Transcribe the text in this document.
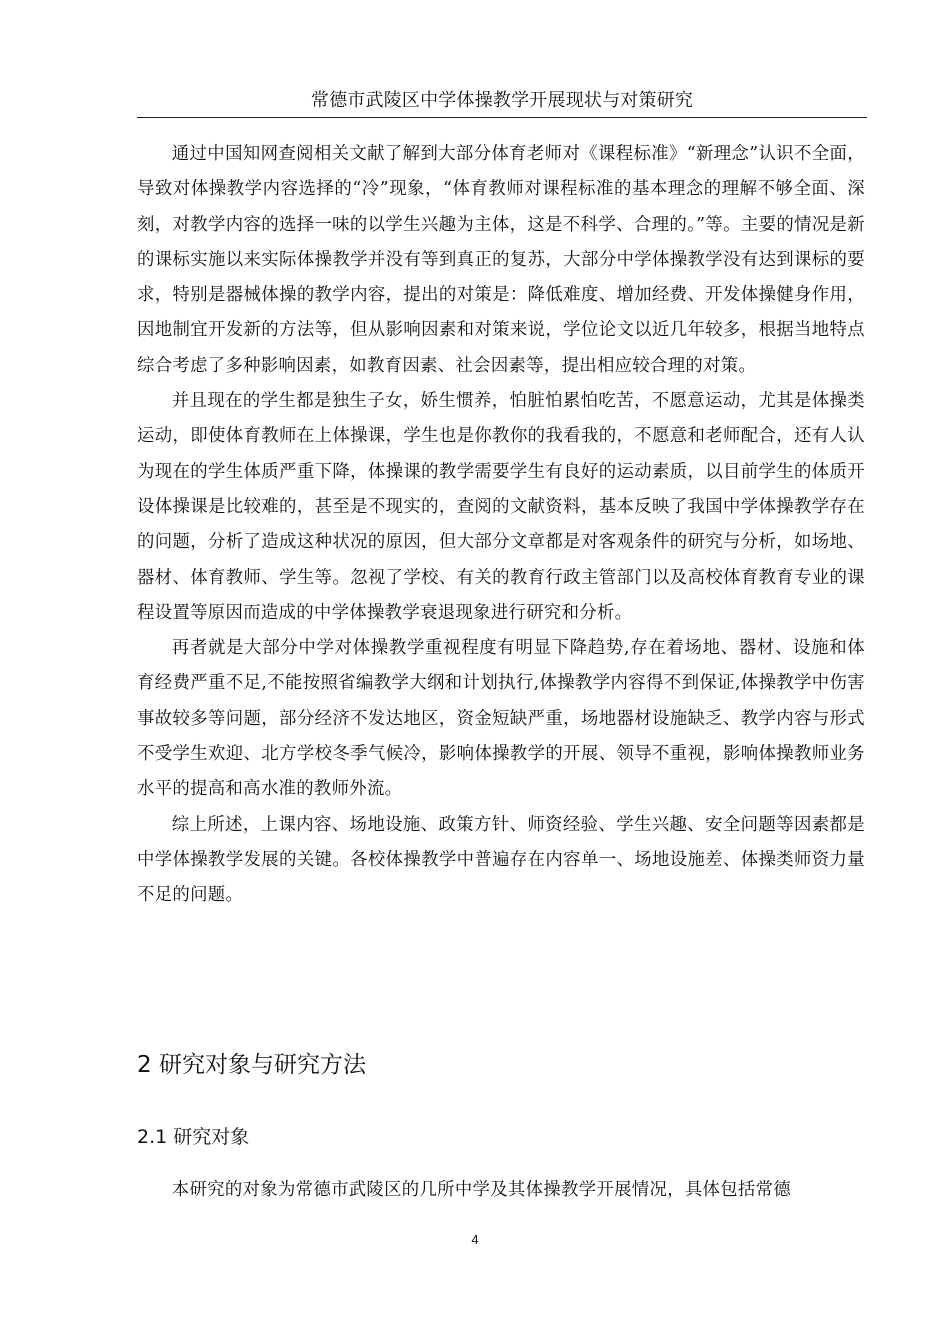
常德市武陵区中学体操教学开展现状与对策研究

通过中国知网查阅相关文献了解到大部分体育老师对《课程标准》“新理念”认识不全面，导致对体操教学内容选择的“冷”现象，“体育教师对课程标准的基本理念的理解不够全面、深刻，对教学内容的选择一味的以学生兴趣为主体，这是不科学、合理的。”等。主要的情况是新的课标实施以来实际体操教学并没有等到真正的复苏，大部分中学体操教学没有达到课标的要求，特别是器械体操的教学内容，提出的对策是：降低难度、增加经费、开发体操健身作用，因地制宜开发新的方法等，但从影响因素和对策来说，学位论文以近几年较多，根据当地特点综合考虑了多种影响因素，如教育因素、社会因素等，提出相应较合理的对策。

并且现在的学生都是独生子女，娇生惯养，怕脏怕累怕吃苦，不愿意运动，尤其是体操类运动，即使体育教师在上体操课，学生也是你教你的我看我的，不愿意和老师配合，还有人认为现在的学生体质严重下降，体操课的教学需要学生有良好的运动素质，以目前学生的体质开设体操课是比较难的，甚至是不现实的，查阅的文献资料，基本反映了我国中学体操教学存在的问题，分析了造成这种状况的原因，但大部分文章都是对客观条件的研究与分析，如场地、器材、体育教师、学生等。忽视了学校、有关的教育行政主管部门以及高校体育教育专业的课程设置等原因而造成的中学体操教学衰退现象进行研究和分析。

再者就是大部分中学对体操教学重视程度有明显下降趋势,存在着场地、器材、设施和体育经费严重不足,不能按照省编教学大纲和计划执行,体操教学内容得不到保证,体操教学中伤害事故较多等问题，部分经济不发达地区，资金短缺严重，场地器材设施缺乏、教学内容与形式不受学生欢迎、北方学校冬季气候冷，影响体操教学的开展、领导不重视，影响体操教师业务水平的提高和高水准的教师外流。

综上所述，上课内容、场地设施、政策方针、师资经验、学生兴趣、安全问题等因素都是中学体操教学发展的关键。各校体操教学中普遍存在内容单一、场地设施差、体操类师资力量不足的问题。

2 研究对象与研究方法
2.1 研究对象

本研究的对象为常德市武陵区的几所中学及其体操教学开展情况，具体包括常德

4
